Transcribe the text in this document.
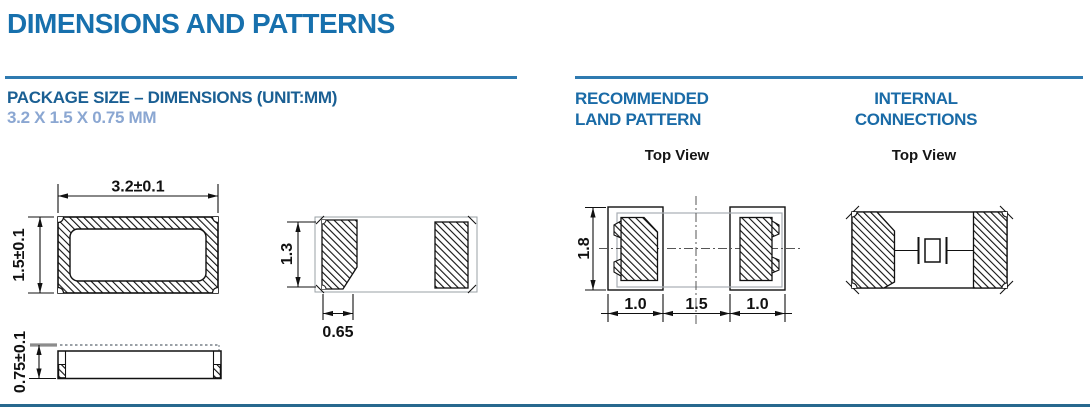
DIMENSIONS AND PATTERNS
PACKAGE SIZE – DIMENSIONS (UNIT:MM)
3.2 X 1.5 X 0.75 MM
RECOMMENDED
LAND PATTERN
INTERNAL
CONNECTIONS
Top View	Top View
3.2±0.1
1.5±0.1	1.3
0.65
0.75±0.1
1.8
1.0 1.5 1.0
